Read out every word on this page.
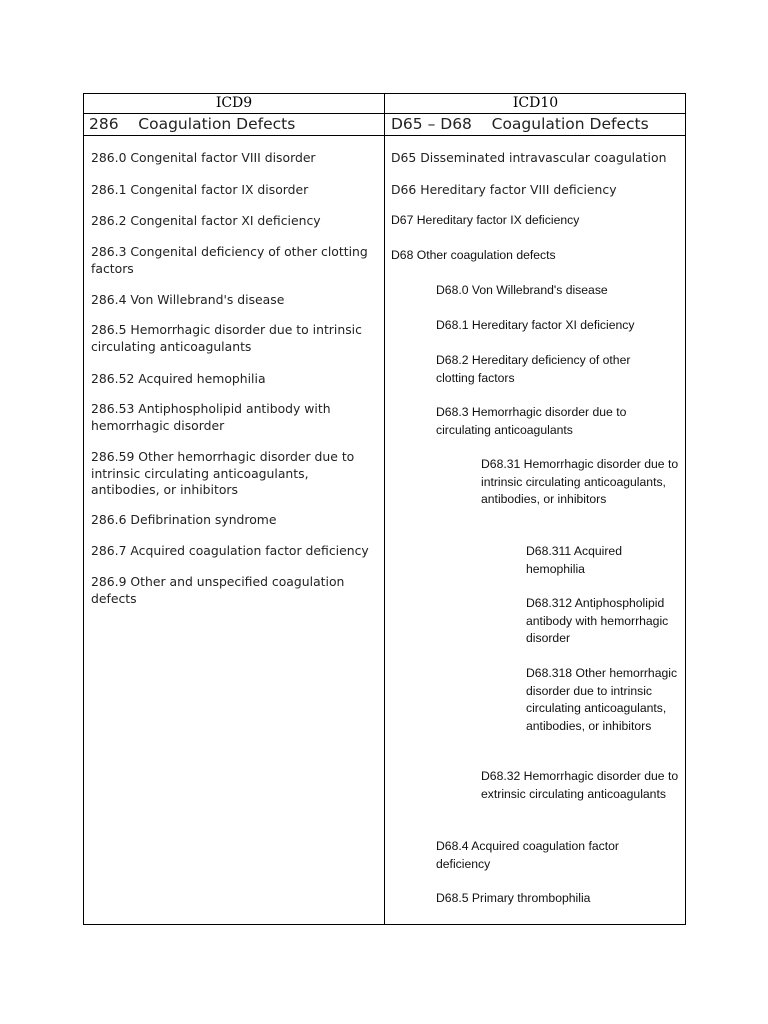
ICD9	ICD10
286    Coagulation Defects	D65 – D68    Coagulation Defects
286.0 Congenital factor VIII disorder
286.1 Congenital factor IX disorder
286.2 Congenital factor XI deficiency
286.3 Congenital deficiency of other clotting factors
286.4 Von Willebrand's disease
286.5 Hemorrhagic disorder due to intrinsic circulating anticoagulants
286.52 Acquired hemophilia
286.53 Antiphospholipid antibody with hemorrhagic disorder
286.59 Other hemorrhagic disorder due to intrinsic circulating anticoagulants, antibodies, or inhibitors
286.6 Defibrination syndrome
286.7 Acquired coagulation factor deficiency
286.9 Other and unspecified coagulation defects
D65 Disseminated intravascular coagulation
D66 Hereditary factor VIII deficiency
D67 Hereditary factor IX deficiency
D68 Other coagulation defects
D68.0 Von Willebrand's disease
D68.1 Hereditary factor XI deficiency
D68.2 Hereditary deficiency of other clotting factors
D68.3 Hemorrhagic disorder due to circulating anticoagulants
D68.31 Hemorrhagic disorder due to intrinsic circulating anticoagulants, antibodies, or inhibitors
D68.311 Acquired hemophilia
D68.312 Antiphospholipid antibody with hemorrhagic disorder
D68.318 Other hemorrhagic disorder due to intrinsic circulating anticoagulants, antibodies, or inhibitors
D68.32 Hemorrhagic disorder due to extrinsic circulating anticoagulants
D68.4 Acquired coagulation factor deficiency
D68.5 Primary thrombophilia
